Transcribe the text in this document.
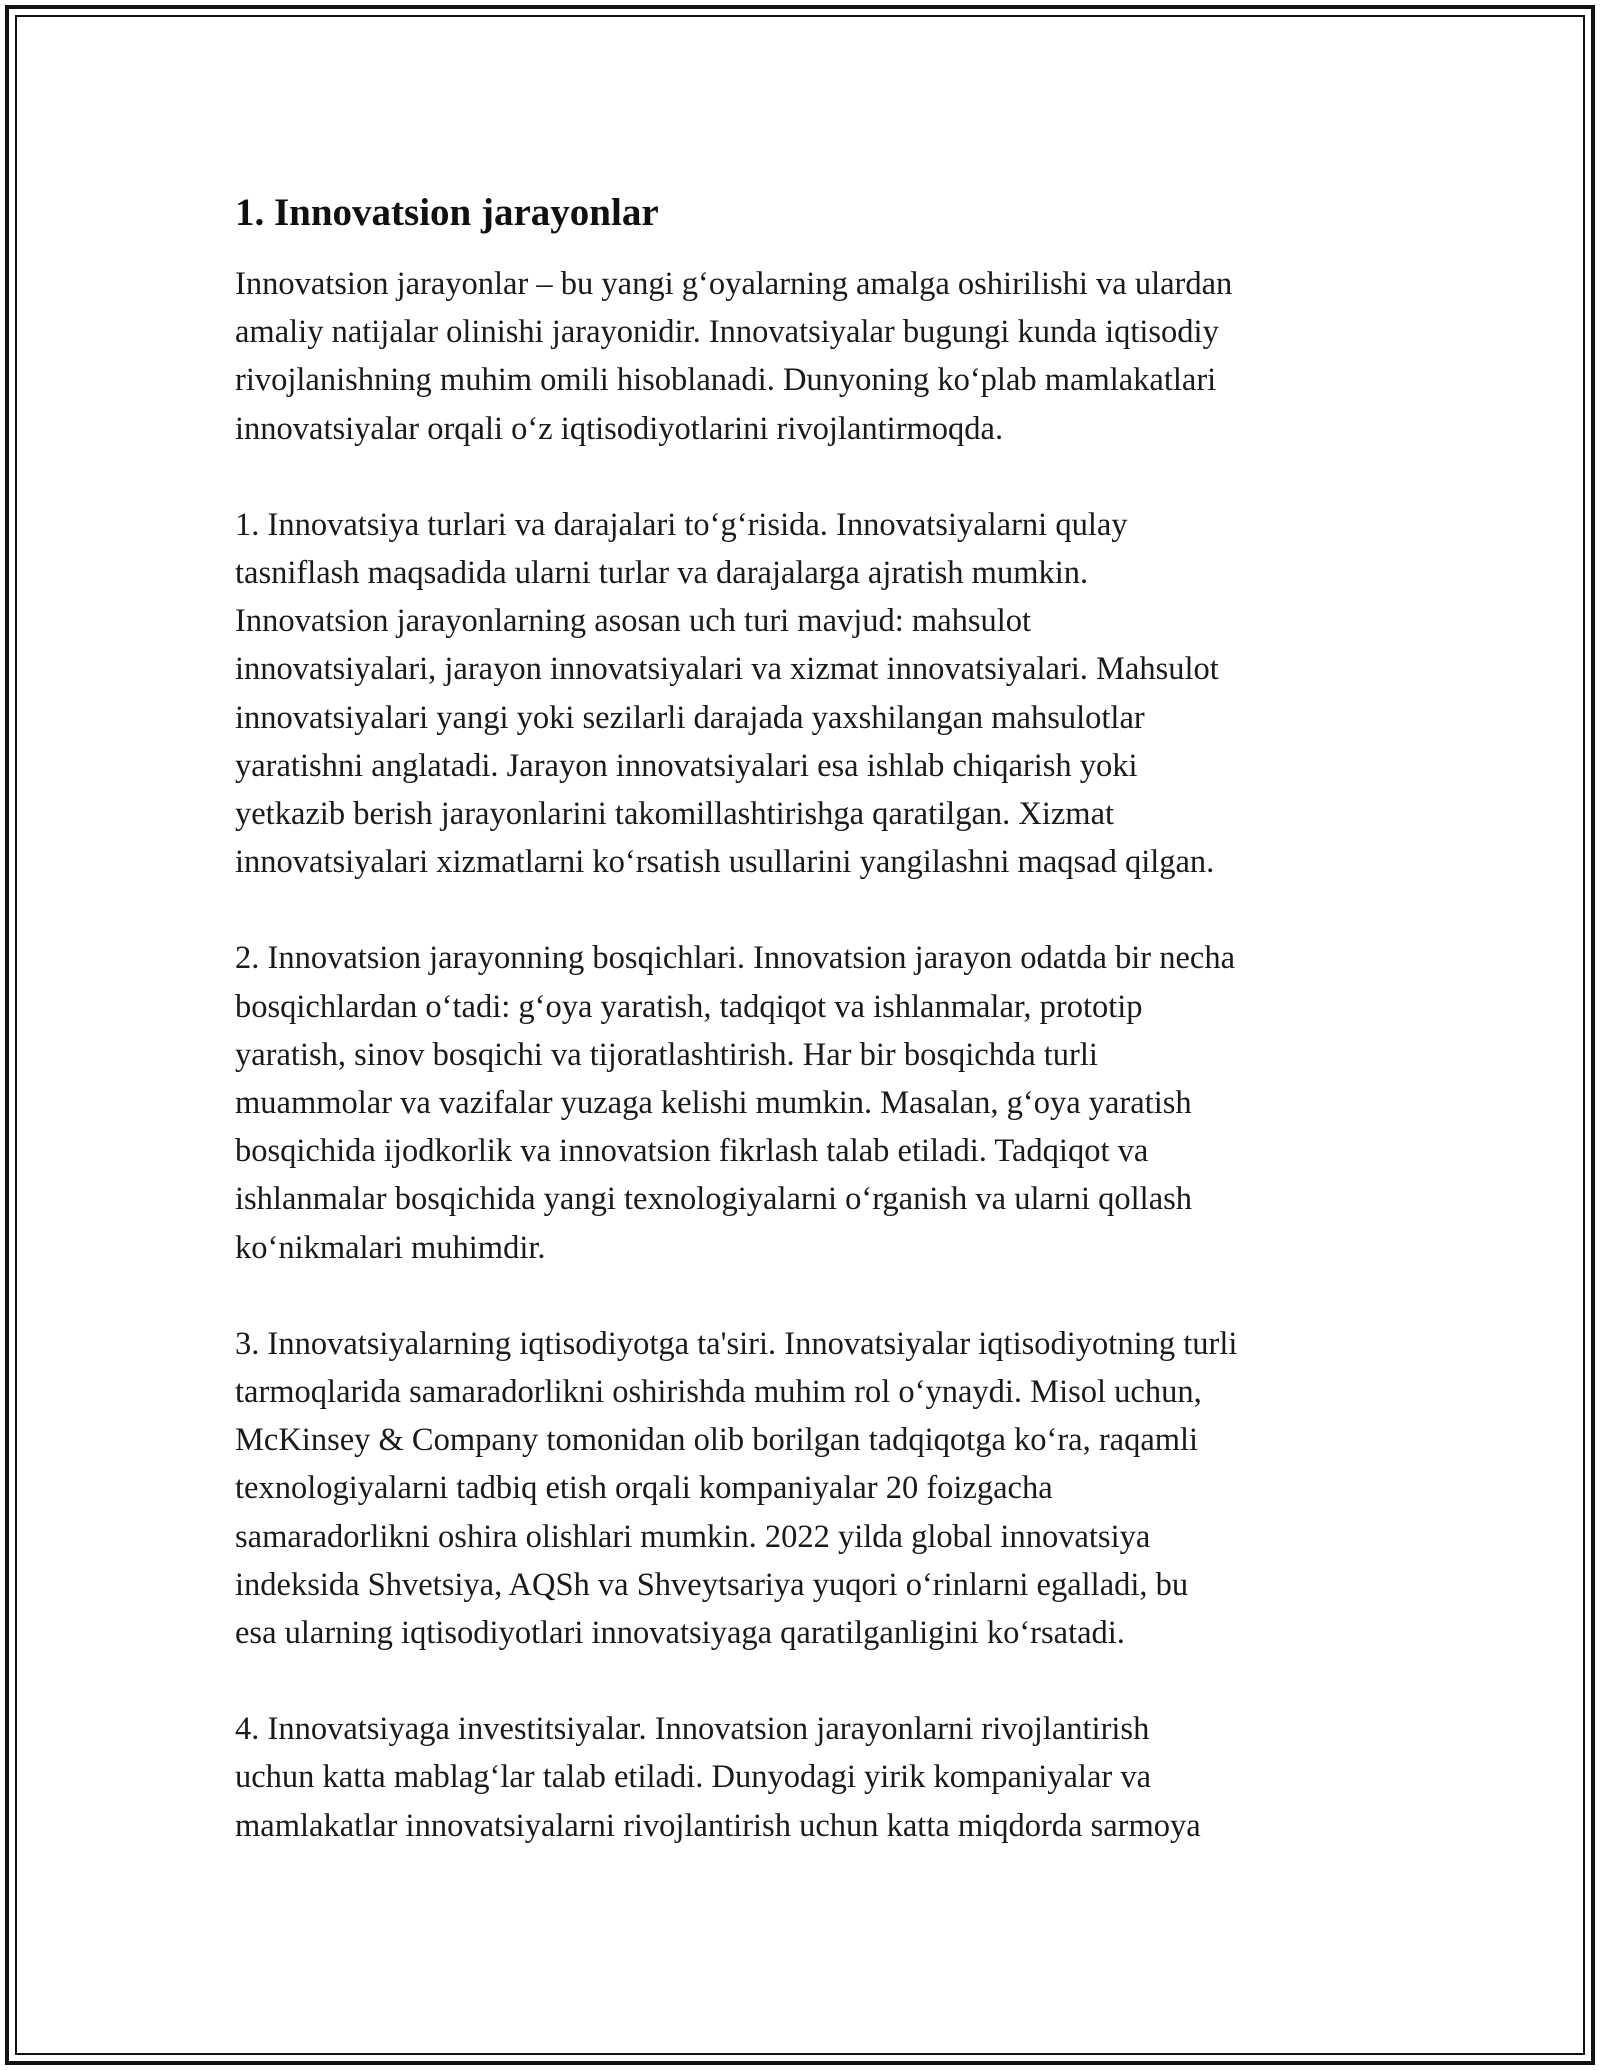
1. Innovatsion jarayonlar

Innovatsion jarayonlar – bu yangi g‘oyalarning amalga oshirilishi va ulardan
amaliy natijalar olinishi jarayonidir. Innovatsiyalar bugungi kunda iqtisodiy
rivojlanishning muhim omili hisoblanadi. Dunyoning ko‘plab mamlakatlari
innovatsiyalar orqali o‘z iqtisodiyotlarini rivojlantirmoqda.

1. Innovatsiya turlari va darajalari to‘g‘risida. Innovatsiyalarni qulay
tasniflash maqsadida ularni turlar va darajalarga ajratish mumkin.
Innovatsion jarayonlarning asosan uch turi mavjud: mahsulot
innovatsiyalari, jarayon innovatsiyalari va xizmat innovatsiyalari. Mahsulot
innovatsiyalari yangi yoki sezilarli darajada yaxshilangan mahsulotlar
yaratishni anglatadi. Jarayon innovatsiyalari esa ishlab chiqarish yoki
yetkazib berish jarayonlarini takomillashtirishga qaratilgan. Xizmat
innovatsiyalari xizmatlarni ko‘rsatish usullarini yangilashni maqsad qilgan.

2. Innovatsion jarayonning bosqichlari. Innovatsion jarayon odatda bir necha
bosqichlardan o‘tadi: g‘oya yaratish, tadqiqot va ishlanmalar, prototip
yaratish, sinov bosqichi va tijoratlashtirish. Har bir bosqichda turli
muammolar va vazifalar yuzaga kelishi mumkin. Masalan, g‘oya yaratish
bosqichida ijodkorlik va innovatsion fikrlash talab etiladi. Tadqiqot va
ishlanmalar bosqichida yangi texnologiyalarni o‘rganish va ularni qollash
ko‘nikmalari muhimdir.

3. Innovatsiyalarning iqtisodiyotga ta'siri. Innovatsiyalar iqtisodiyotning turli
tarmoqlarida samaradorlikni oshirishda muhim rol o‘ynaydi. Misol uchun,
McKinsey & Company tomonidan olib borilgan tadqiqotga ko‘ra, raqamli
texnologiyalarni tadbiq etish orqali kompaniyalar 20 foizgacha
samaradorlikni oshira olishlari mumkin. 2022 yilda global innovatsiya
indeksida Shvetsiya, AQSh va Shveytsariya yuqori o‘rinlarni egalladi, bu
esa ularning iqtisodiyotlari innovatsiyaga qaratilganligini ko‘rsatadi.

4. Innovatsiyaga investitsiyalar. Innovatsion jarayonlarni rivojlantirish
uchun katta mablag‘lar talab etiladi. Dunyodagi yirik kompaniyalar va
mamlakatlar innovatsiyalarni rivojlantirish uchun katta miqdorda sarmoya
